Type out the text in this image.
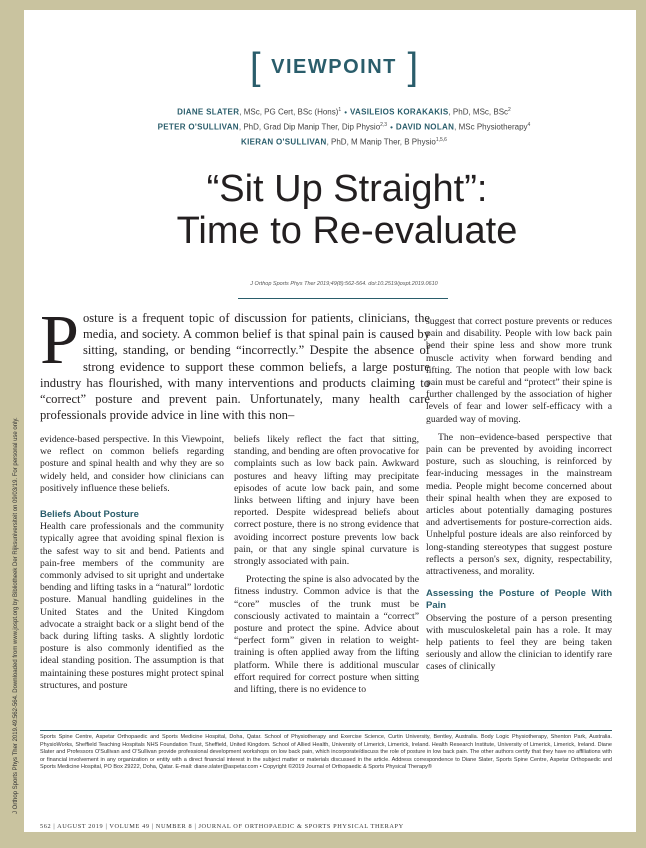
J Orthop Sports Phys Ther 2019.49:562-564. Downloaded from www.jospt.org by Bibliotheek Der Rijksuniversiteit on 09/03/19. For personal use only.
[ VIEWPOINT ]
DIANE SLATER, MSc, PG Cert, BSc (Hons)$^1$ • VASILEIOS KORAKAKIS, PhD, MSc, BSc$^2$
PETER O'SULLIVAN, PhD, Grad Dip Manip Ther, Dip Physio$^{2,3}$ • DAVID NOLAN, MSc Physiotherapy$^4$
KIERAN O'SULLIVAN, PhD, M Manip Ther, B Physio$^{1,5,6}$
“Sit Up Straight”:
Time to Re-evaluate
J Orthop Sports Phys Ther 2019;49(8):562-564. doi:10.2519/jospt.2019.0610
P osture is a frequent topic of discussion for patients, clinicians, the media, and society. A common belief is that spinal pain is caused by sitting, standing, or bending “incorrectly.” Despite the absence of strong evidence to support these common beliefs, a large posture industry has flourished, with many interventions and products claiming to “correct” posture and prevent pain. Unfortunately, many health care professionals provide advice in line with this non–

evidence-based perspective. In this Viewpoint, we reflect on common beliefs regarding posture and spinal health and why they are so widely held, and consider how clinicians can positively influence these beliefs.

Beliefs About Posture

Health care professionals and the community typically agree that avoiding spinal flexion is the safest way to sit and bend. Patients and pain-free members of the community are commonly advised to sit upright and undertake bending and lifting tasks in a “natural” lordotic posture. Manual handling guidelines in the United States and the United Kingdom advocate a straight back or a slight bend of the back during lifting tasks. A slightly lordotic posture is also commonly identified as the ideal standing position. The assumption is that maintaining these postures might protect spinal structures, and posture

beliefs likely reflect the fact that sitting, standing, and bending are often provocative for complaints such as low back pain. Awkward postures and heavy lifting may precipitate episodes of acute low back pain, and some links between lifting and injury have been reported. Despite widespread beliefs about correct posture, there is no strong evidence that avoiding incorrect posture prevents low back pain, or that any single spinal curvature is strongly associated with pain.

Protecting the spine is also advocated by the fitness industry. Common advice is that the “core” muscles of the trunk must be consciously activated to maintain a “correct” posture and protect the spine. Advice about “perfect form” given in relation to weight-training is often applied away from the lifting platform. While there is additional muscular effort required for correct posture when sitting and lifting, there is no evidence to

suggest that correct posture prevents or reduces pain and disability. People with low back pain bend their spine less and show more trunk muscle activity when forward bending and lifting. The notion that people with low back pain must be careful and “protect” their spine is further challenged by the association of higher levels of fear and lower self-efficacy with a guarded way of moving.

The non–evidence-based perspective that pain can be prevented by avoiding incorrect posture, such as slouching, is reinforced by fear-inducing messages in the mainstream media. People might become concerned about their spinal health when they are exposed to articles about potentially damaging postures and advertisements for posture-correction aids. Unhelpful posture ideals are also reinforced by long-standing stereotypes that suggest posture reflects a person's sex, dignity, respectability, attractiveness, and morality.

Assessing the Posture of People With Pain

Observing the posture of a person presenting with musculoskeletal pain has a role. It may help patients to feel they are being taken seriously and allow the clinician to identify rare cases of clinically

Sports Spine Centre, Aspetar Orthopaedic and Sports Medicine Hospital, Doha, Qatar. School of Physiotherapy and Exercise Science, Curtin University, Bentley, Australia. Body Logic Physiotherapy, Shenton Park, Australia. PhysioWorks, Sheffield Teaching Hospitals NHS Foundation Trust, Sheffield, United Kingdom. School of Allied Health, University of Limerick, Limerick, Ireland. Health Research Institute, University of Limerick, Limerick, Ireland. Diane Slater and Professors O'Sullivan and O'Sullivan provide professional development workshops on low back pain, which incorporate/discuss the role of posture in low back pain. The other authors certify that they have no affiliations with or financial involvement in any organization or entity with a direct financial interest in the subject matter or materials discussed in the article. Address correspondence to Diane Slater, Sports Spine Centre, Aspetar Orthopaedic and Sports Medicine Hospital, PO Box 29222, Doha, Qatar. E-mail: diane.slater@aspetar.com • Copyright ©2019 Journal of Orthopaedic & Sports Physical Therapy®
562 | AUGUST 2019 | VOLUME 49 | NUMBER 8 | JOURNAL OF ORTHOPAEDIC & SPORTS PHYSICAL THERAPY
